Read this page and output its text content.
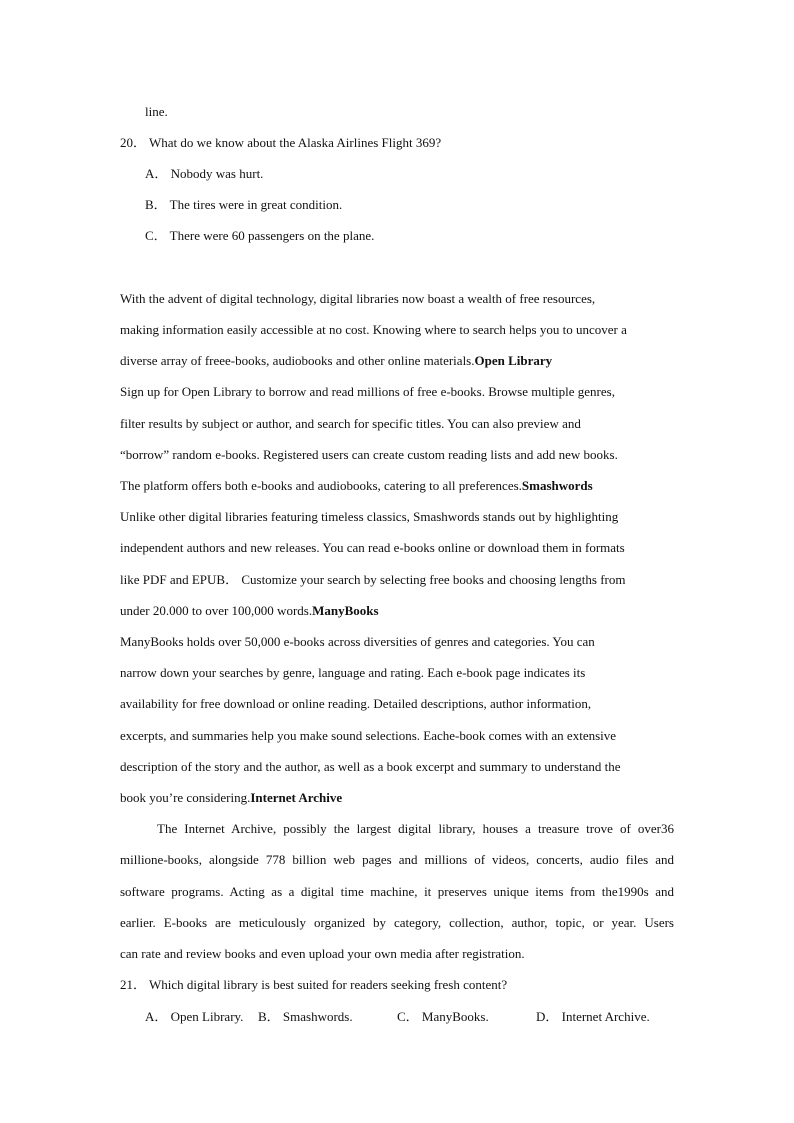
line.
20． What do we know about the Alaska Airlines Flight 369?
A． Nobody was hurt.
B． The tires were in great condition.
C． There were 60 passengers on the plane.
With the advent of digital technology, digital libraries now boast a wealth of free resources,
making information easily accessible at no cost. Knowing where to search helps you to uncover a
diverse array of freee-books, audiobooks and other online materials.Open Library
Sign up for Open Library to borrow and read millions of free e-books. Browse multiple genres,
filter results by subject or author, and search for specific titles. You can also preview and
“borrow” random e-books. Registered users can create custom reading lists and add new books.
The platform offers both e-books and audiobooks, catering to all preferences.Smashwords
Unlike other digital libraries featuring timeless classics, Smashwords stands out by highlighting
independent authors and new releases. You can read e-books online or download them in formats
like PDF and EPUB． Customize your search by selecting free books and choosing lengths from
under 20.000 to over 100,000 words.ManyBooks
ManyBooks holds over 50,000 e-books across diversities of genres and categories. You can
narrow down your searches by genre, language and rating. Each e-book page indicates its
availability for free download or online reading. Detailed descriptions, author information,
excerpts, and summaries help you make sound selections. Eache-book comes with an extensive
description of the story and the author, as well as a book excerpt and summary to understand the
book you’re considering.Internet Archive
The Internet Archive, possibly the largest digital library, houses a treasure trove of over36
millione-books, alongside 778 billion web pages and millions of videos, concerts, audio files and
software programs. Acting as a digital time machine, it preserves unique items from the1990s and
earlier. E-books are meticulously organized by category, collection, author, topic, or year. Users
can rate and review books and even upload your own media after registration.
21． Which digital library is best suited for readers seeking fresh content?
A． Open Library. B． Smashwords.	C． ManyBooks.	D． Internet Archive.
